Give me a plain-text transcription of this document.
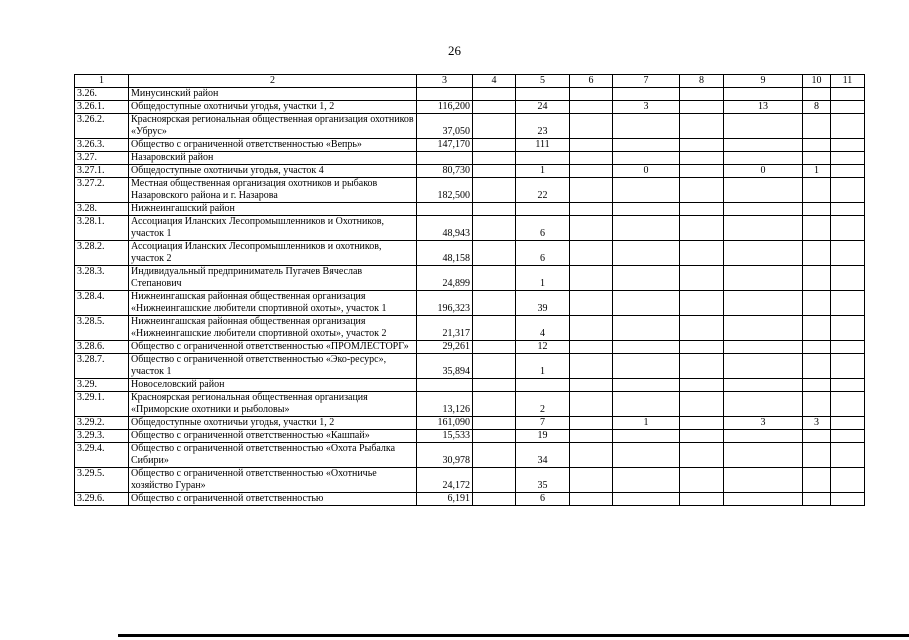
26
1	2	3	4	5	6	7	8	9	10	11
3.26.	Минусинский район									
3.26.1.	Общедоступные охотничьи угодья, участки 1, 2	116,200		24		3		13	8	
3.26.2.	Красноярская региональная общественная организация охотников «Убрус»	37,050		23						
3.26.3.	Общество с ограниченной ответственностью «Вепрь»	147,170		111						
3.27.	Назаровский район									
3.27.1.	Общедоступные охотничьи угодья, участок 4	80,730		1		0		0	1	
3.27.2.	Местная общественная организация охотников и рыбаков Назаровского района и г. Назарова	182,500		22						
3.28.	Нижнеингашский район									
3.28.1.	Ассоциация Иланских Лесопромышленников и Охотников, участок 1	48,943		6						
3.28.2.	Ассоциация Иланских Лесопромышленников и охотников, участок 2	48,158		6						
3.28.3.	Индивидуальный предприниматель Пугачев Вячеслав Степанович	24,899		1						
3.28.4.	Нижнеингашская районная общественная организация «Нижнеингашские любители спортивной охоты», участок 1	196,323		39						
3.28.5.	Нижнеингашская районная общественная организация «Нижнеингашские любители спортивной охоты», участок 2	21,317		4						
3.28.6.	Общество с ограниченной ответственностью «ПРОМЛЕСТОРГ»	29,261		12						
3.28.7.	Общество с ограниченной ответственностью «Эко-ресурс», участок 1	35,894		1						
3.29.	Новоселовский район									
3.29.1.	Красноярская региональная общественная организация «Приморские охотники и рыболовы»	13,126		2						
3.29.2.	Общедоступные охотничьи угодья, участки 1, 2	161,090		7		1		3	3	
3.29.3.	Общество с ограниченной ответственностью «Кашпай»	15,533		19						
3.29.4.	Общество с ограниченной ответственностью «Охота Рыбалка Сибири»	30,978		34						
3.29.5.	Общество с ограниченной ответственностью «Охотничье хозяйство Гуран»	24,172		35						
3.29.6.	Общество с ограниченной ответственностью	6,191		6						
